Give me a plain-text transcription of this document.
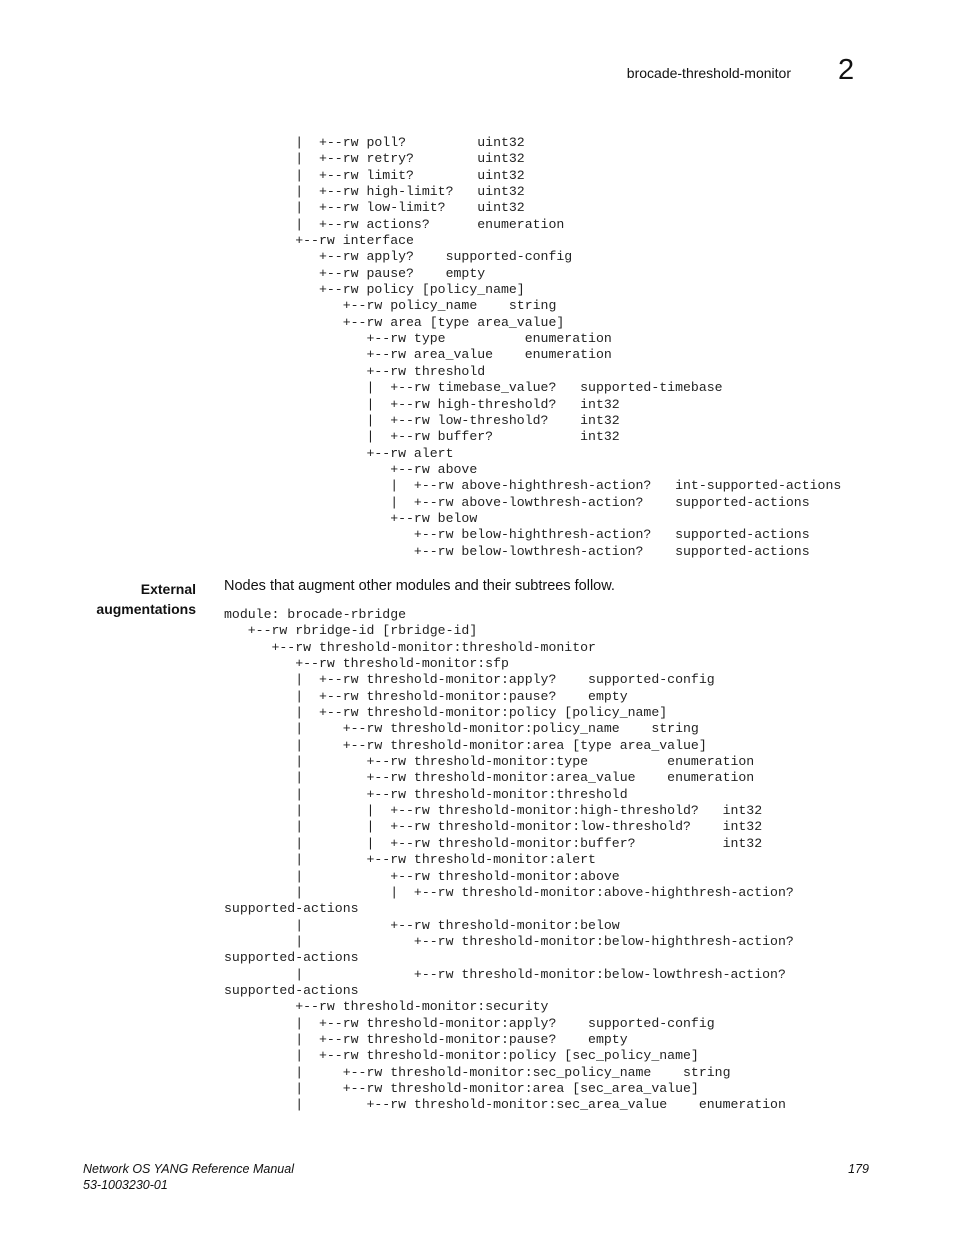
brocade-threshold-monitor 2
|  +--rw poll?         uint32
|  +--rw retry?        uint32
|  +--rw limit?        uint32
|  +--rw high-limit?   uint32
|  +--rw low-limit?    uint32
|  +--rw actions?      enumeration
+--rw interface
+--rw apply?    supported-config
+--rw pause?    empty
+--rw policy [policy_name]
+--rw policy_name    string
+--rw area [type area_value]
+--rw type          enumeration
+--rw area_value    enumeration
+--rw threshold
|  +--rw timebase_value?   supported-timebase
|  +--rw high-threshold?   int32
|  +--rw low-threshold?    int32
|  +--rw buffer?           int32
+--rw alert
+--rw above
|  +--rw above-highthresh-action?   int-supported-actions
|  +--rw above-lowthresh-action?    supported-actions
+--rw below
+--rw below-highthresh-action?   supported-actions
+--rw below-lowthresh-action?    supported-actions
External
augmentations
Nodes that augment other modules and their subtrees follow.
module: brocade-rbridge
+--rw rbridge-id [rbridge-id]
+--rw threshold-monitor:threshold-monitor
+--rw threshold-monitor:sfp
|  +--rw threshold-monitor:apply?    supported-config
|  +--rw threshold-monitor:pause?    empty
|  +--rw threshold-monitor:policy [policy_name]
|     +--rw threshold-monitor:policy_name    string
|     +--rw threshold-monitor:area [type area_value]
|        +--rw threshold-monitor:type          enumeration
|        +--rw threshold-monitor:area_value    enumeration
|        +--rw threshold-monitor:threshold
|        |  +--rw threshold-monitor:high-threshold?   int32
|        |  +--rw threshold-monitor:low-threshold?    int32
|        |  +--rw threshold-monitor:buffer?           int32
|        +--rw threshold-monitor:alert
|           +--rw threshold-monitor:above
|           |  +--rw threshold-monitor:above-highthresh-action?
supported-actions
|           +--rw threshold-monitor:below
|              +--rw threshold-monitor:below-highthresh-action?
supported-actions
|              +--rw threshold-monitor:below-lowthresh-action?
supported-actions
+--rw threshold-monitor:security
|  +--rw threshold-monitor:apply?    supported-config
|  +--rw threshold-monitor:pause?    empty
|  +--rw threshold-monitor:policy [sec_policy_name]
|     +--rw threshold-monitor:sec_policy_name    string
|     +--rw threshold-monitor:area [sec_area_value]
|        +--rw threshold-monitor:sec_area_value    enumeration
Network OS YANG Reference Manual
53-1003230-01
179
